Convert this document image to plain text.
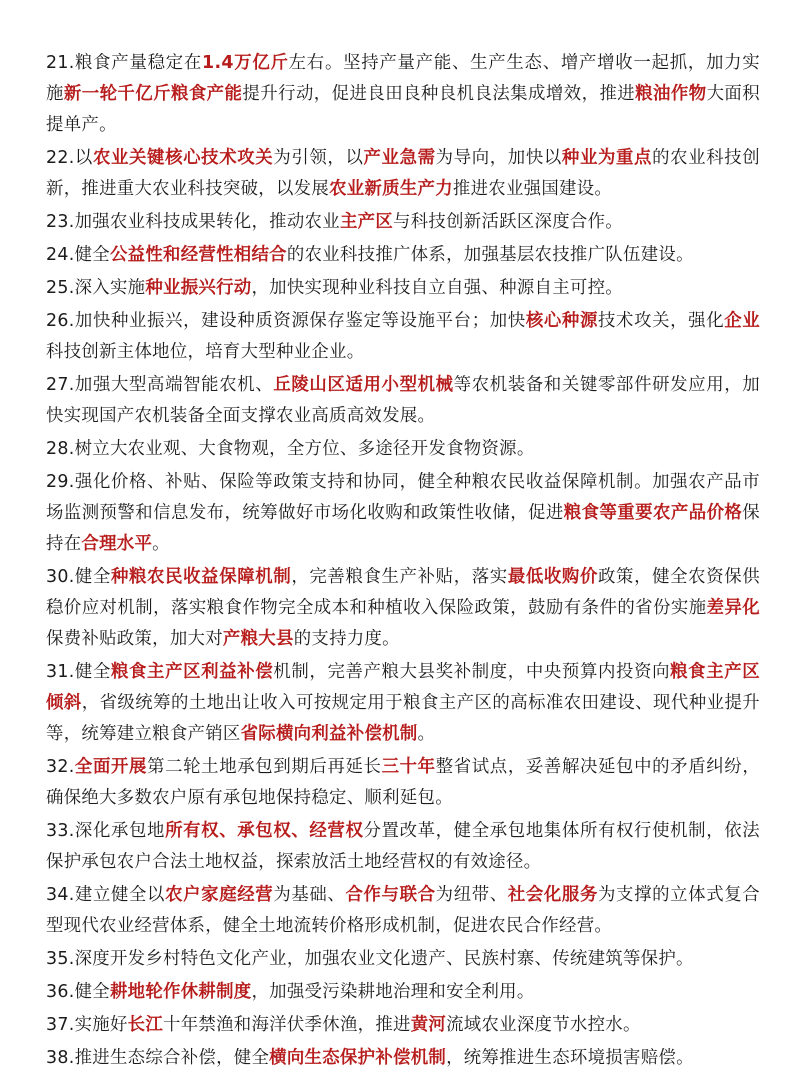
21.粮食产量稳定在1.4万亿斤左右。坚持产量产能、生产生态、增产增收一起抓，加力实施新一轮千亿斤粮食产能提升行动，促进良田良种良机良法集成增效，推进粮油作物大面积提单产。
22.以农业关键核心技术攻关为引领，以产业急需为导向，加快以种业为重点的农业科技创新，推进重大农业科技突破，以发展农业新质生产力推进农业强国建设。
23.加强农业科技成果转化，推动农业主产区与科技创新活跃区深度合作。
24.健全公益性和经营性相结合的农业科技推广体系，加强基层农技推广队伍建设。
25.深入实施种业振兴行动，加快实现种业科技自立自强、种源自主可控。
26.加快种业振兴，建设种质资源保存鉴定等设施平台；加快核心种源技术攻关，强化企业科技创新主体地位，培育大型种业企业。
27.加强大型高端智能农机、丘陵山区适用小型机械等农机装备和关键零部件研发应用，加快实现国产农机装备全面支撑农业高质高效发展。
28.树立大农业观、大食物观，全方位、多途径开发食物资源。
29.强化价格、补贴、保险等政策支持和协同，健全种粮农民收益保障机制。加强农产品市场监测预警和信息发布，统筹做好市场化收购和政策性收储，促进粮食等重要农产品价格保持在合理水平。
30.健全种粮农民收益保障机制，完善粮食生产补贴，落实最低收购价政策，健全农资保供稳价应对机制，落实粮食作物完全成本和种植收入保险政策，鼓励有条件的省份实施差异化保费补贴政策，加大对产粮大县的支持力度。
31.健全粮食主产区利益补偿机制，完善产粮大县奖补制度，中央预算内投资向粮食主产区倾斜，省级统筹的土地出让收入可按规定用于粮食主产区的高标准农田建设、现代种业提升等，统筹建立粮食产销区省际横向利益补偿机制。
32.全面开展第二轮土地承包到期后再延长三十年整省试点，妥善解决延包中的矛盾纠纷，确保绝大多数农户原有承包地保持稳定、顺利延包。
33.深化承包地所有权、承包权、经营权分置改革，健全承包地集体所有权行使机制，依法保护承包农户合法土地权益，探索放活土地经营权的有效途径。
34.建立健全以农户家庭经营为基础、合作与联合为纽带、社会化服务为支撑的立体式复合型现代农业经营体系，健全土地流转价格形成机制，促进农民合作经营。
35.深度开发乡村特色文化产业，加强农业文化遗产、民族村寨、传统建筑等保护。
36.健全耕地轮作休耕制度，加强受污染耕地治理和安全利用。
37.实施好长江十年禁渔和海洋伏季休渔，推进黄河流域农业深度节水控水。
38.推进生态综合补偿，健全横向生态保护补偿机制，统筹推进生态环境损害赔偿。
